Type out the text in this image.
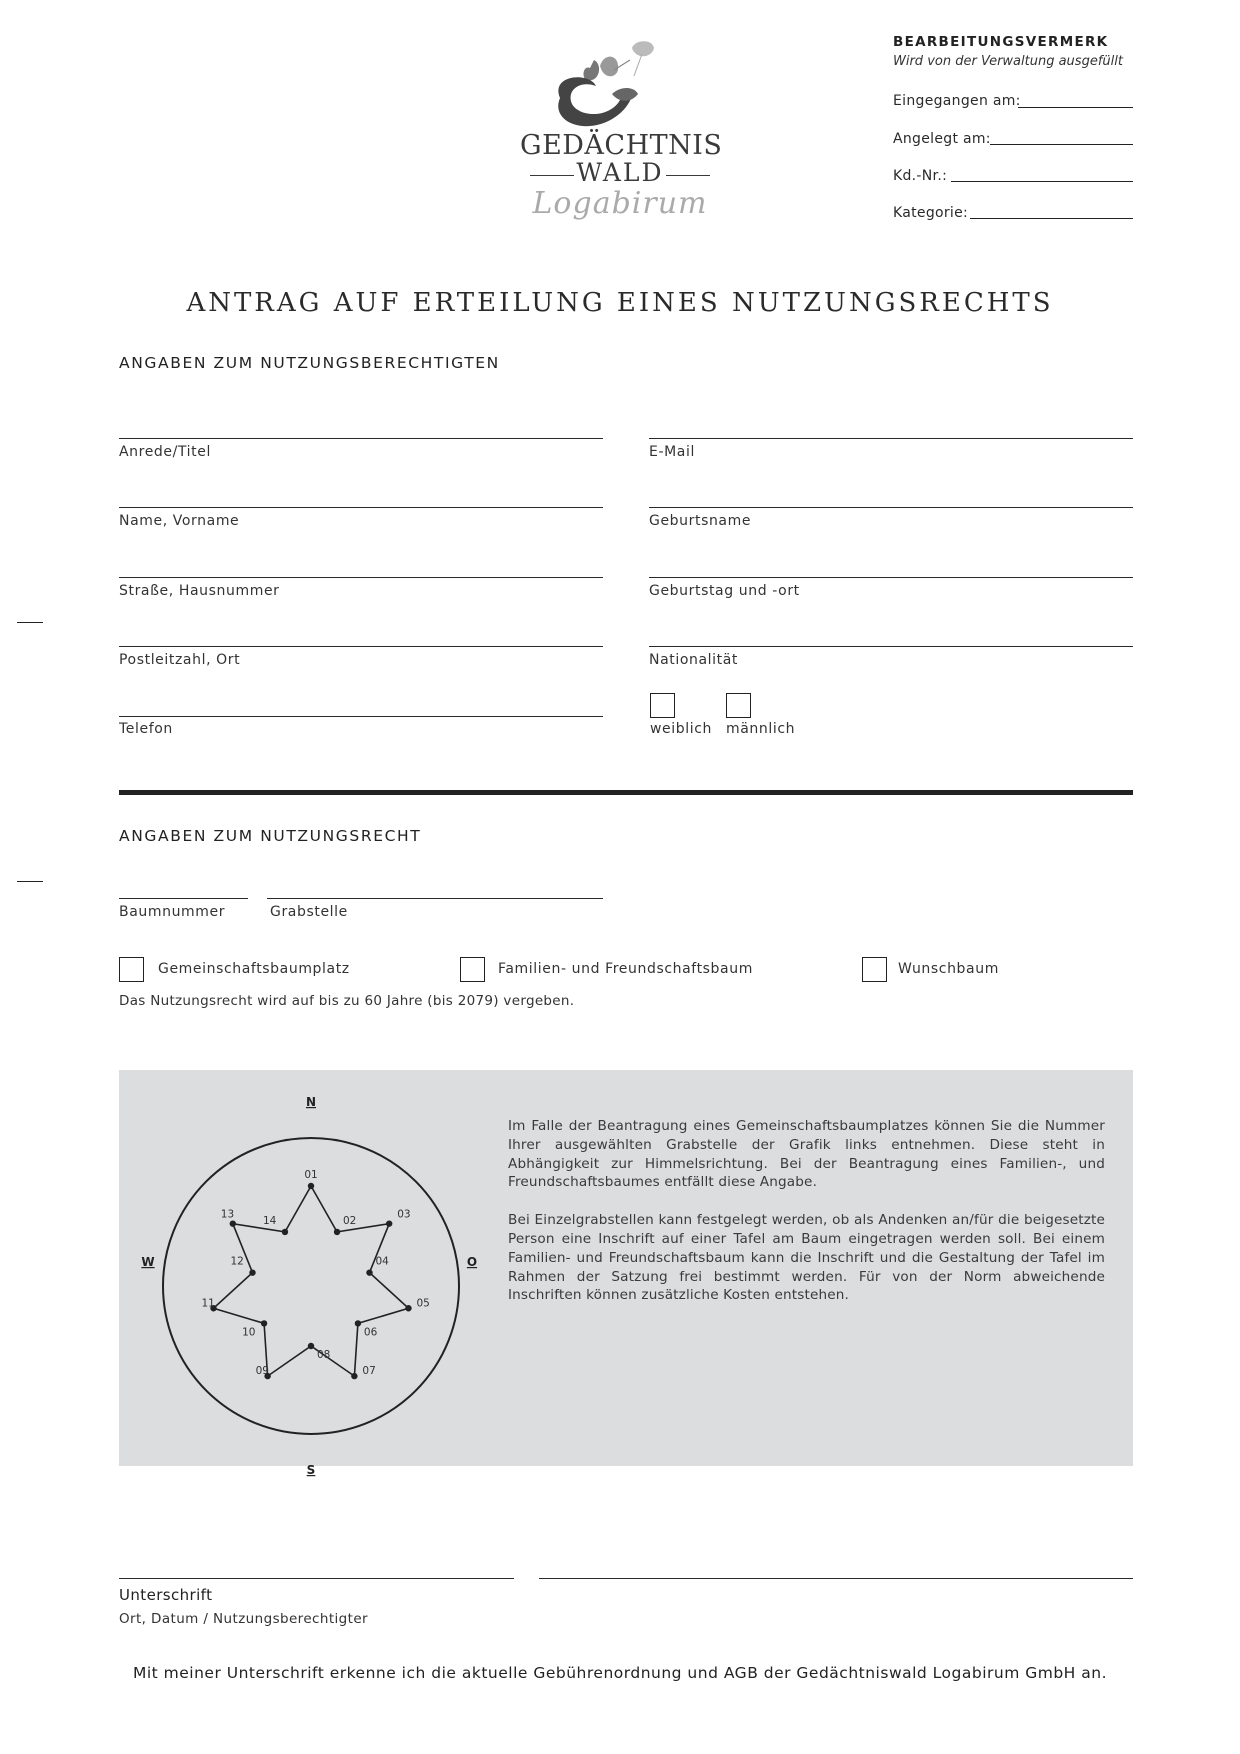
GEDÄCHTNIS
WALD
Logabirum
BEARBEITUNGSVERMERK
Wird von der Verwaltung ausgefüllt
Eingegangen am:
Angelegt am:
Kd.-Nr.:
Kategorie:
ANTRAG AUF ERTEILUNG EINES NUTZUNGSRECHTS
ANGABEN ZUM NUTZUNGSBERECHTIGTEN
Anrede/Titel
Name, Vorname
Straße, Hausnummer
Postleitzahl, Ort
Telefon
E-Mail
Geburtsname
Geburtstag und -ort
Nationalität
weiblich männlich
ANGABEN ZUM NUTZUNGSRECHT
Baumnummer	Grabstelle
Gemeinschaftsbaumplatz	Familien- und Freundschaftsbaum	Wunschbaum
Das Nutzungsrecht wird auf bis zu 60 Jahre (bis 2079) vergeben.
N
S
W	O
01
02
03
04
05
06
07
08
09
10
11
12
13
14

Im Falle der Beantragung eines Gemeinschaftsbaumplatzes können Sie die Nummer Ihrer ausgewählten Grabstelle der Grafik links entnehmen. Diese steht in Abhängigkeit zur Himmelsrichtung. Bei der Beantragung eines Familien-, und Freundschaftsbaumes entfällt diese Angabe.

Bei Einzelgrabstellen kann festgelegt werden, ob als Andenken an/für die beigesetzte Person eine Inschrift auf einer Tafel am Baum eingetragen werden soll. Bei einem Familien- und Freundschaftsbaum kann die Inschrift und die Gestaltung der Tafel im Rahmen der Satzung frei bestimmt werden. Für von der Norm abweichende Inschriften können zusätzliche Kosten entstehen.

Unterschrift
Ort, Datum / Nutzungsberechtigter
Mit meiner Unterschrift erkenne ich die aktuelle Gebührenordnung und AGB der Gedächtniswald Logabirum GmbH an.
